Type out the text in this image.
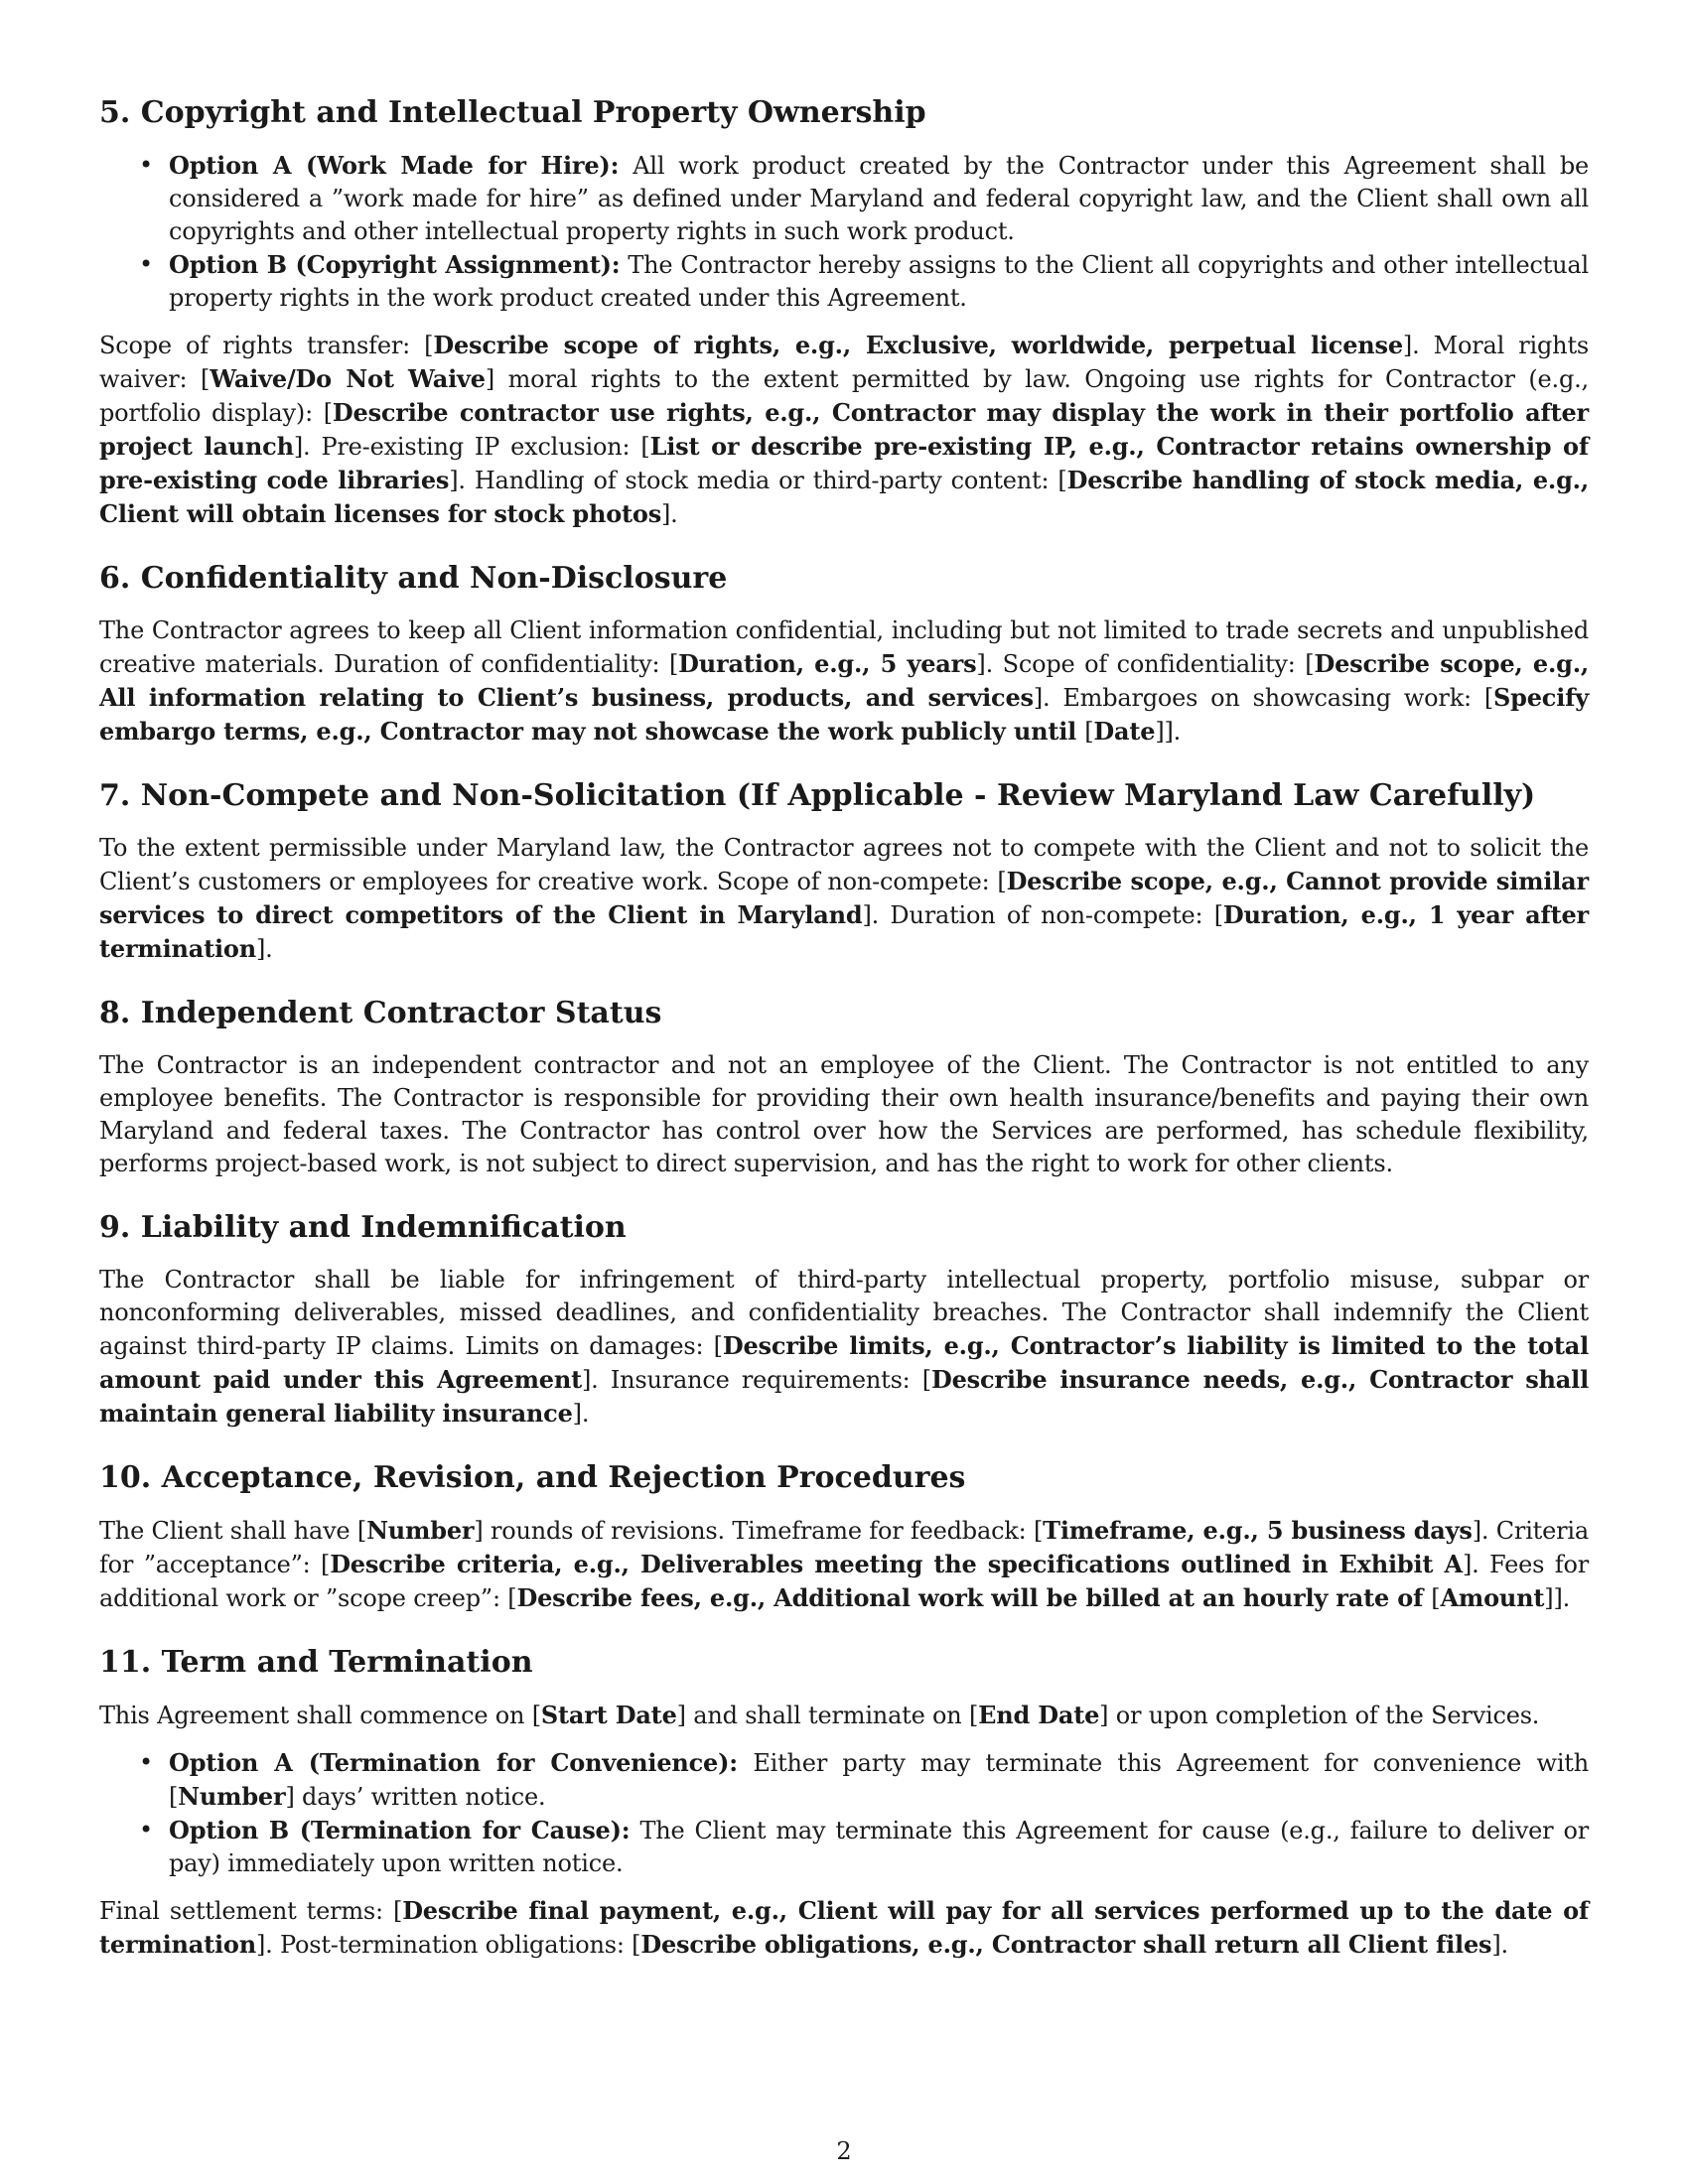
5. Copyright and Intellectual Property Ownership
• Option A (Work Made for Hire): All work product created by the Contractor under this Agreement shall be considered a ”work made for hire” as defined under Maryland and federal copyright law, and the Client shall own all copyrights and other intellectual property rights in such work product.
• Option B (Copyright Assignment): The Contractor hereby assigns to the Client all copyrights and other intellectual property rights in the work product created under this Agreement.

Scope of rights transfer: [Describe scope of rights, e.g., Exclusive, worldwide, perpetual license]. Moral rights waiver: [Waive/Do Not Waive] moral rights to the extent permitted by law. Ongoing use rights for Contractor (e.g., portfolio display): [Describe contractor use rights, e.g., Contractor may display the work in their portfolio after project launch]. Pre-existing IP exclusion: [List or describe pre-existing IP, e.g., Contractor retains ownership of pre-existing code libraries]. Handling of stock media or third-party content: [Describe handling of stock media, e.g., Client will obtain licenses for stock photos].

6. Confidentiality and Non-Disclosure

The Contractor agrees to keep all Client information confidential, including but not limited to trade secrets and unpublished creative materials. Duration of confidentiality: [Duration, e.g., 5 years]. Scope of confidentiality: [Describe scope, e.g., All information relating to Client’s business, products, and services]. Embargoes on showcasing work: [Specify embargo terms, e.g., Contractor may not showcase the work publicly until [Date]].

7. Non-Compete and Non-Solicitation (If Applicable - Review Maryland Law Carefully)

To the extent permissible under Maryland law, the Contractor agrees not to compete with the Client and not to solicit the Client’s customers or employees for creative work. Scope of non-compete: [Describe scope, e.g., Cannot provide similar services to direct competitors of the Client in Maryland]. Duration of non-compete: [Duration, e.g., 1 year after termination].

8. Independent Contractor Status

The Contractor is an independent contractor and not an employee of the Client. The Contractor is not entitled to any employee benefits. The Contractor is responsible for providing their own health insurance/benefits and paying their own Maryland and federal taxes. The Contractor has control over how the Services are performed, has schedule flexibility, performs project-based work, is not subject to direct supervision, and has the right to work for other clients.

9. Liability and Indemnification

The Contractor shall be liable for infringement of third-party intellectual property, portfolio misuse, subpar or nonconforming deliverables, missed deadlines, and confidentiality breaches. The Contractor shall indemnify the Client against third-party IP claims. Limits on damages: [Describe limits, e.g., Contractor’s liability is limited to the total amount paid under this Agreement]. Insurance requirements: [Describe insurance needs, e.g., Contractor shall maintain general liability insurance].

10. Acceptance, Revision, and Rejection Procedures

The Client shall have [Number] rounds of revisions. Timeframe for feedback: [Timeframe, e.g., 5 business days]. Criteria for ”acceptance”: [Describe criteria, e.g., Deliverables meeting the specifications outlined in Exhibit A]. Fees for additional work or ”scope creep”: [Describe fees, e.g., Additional work will be billed at an hourly rate of [Amount]].

11. Term and Termination

This Agreement shall commence on [Start Date] and shall terminate on [End Date] or upon completion of the Services.

• Option A (Termination for Convenience): Either party may terminate this Agreement for convenience with [Number] days’ written notice.
• Option B (Termination for Cause): The Client may terminate this Agreement for cause (e.g., failure to deliver or pay) immediately upon written notice.

Final settlement terms: [Describe final payment, e.g., Client will pay for all services performed up to the date of termination]. Post-termination obligations: [Describe obligations, e.g., Contractor shall return all Client files].

2
